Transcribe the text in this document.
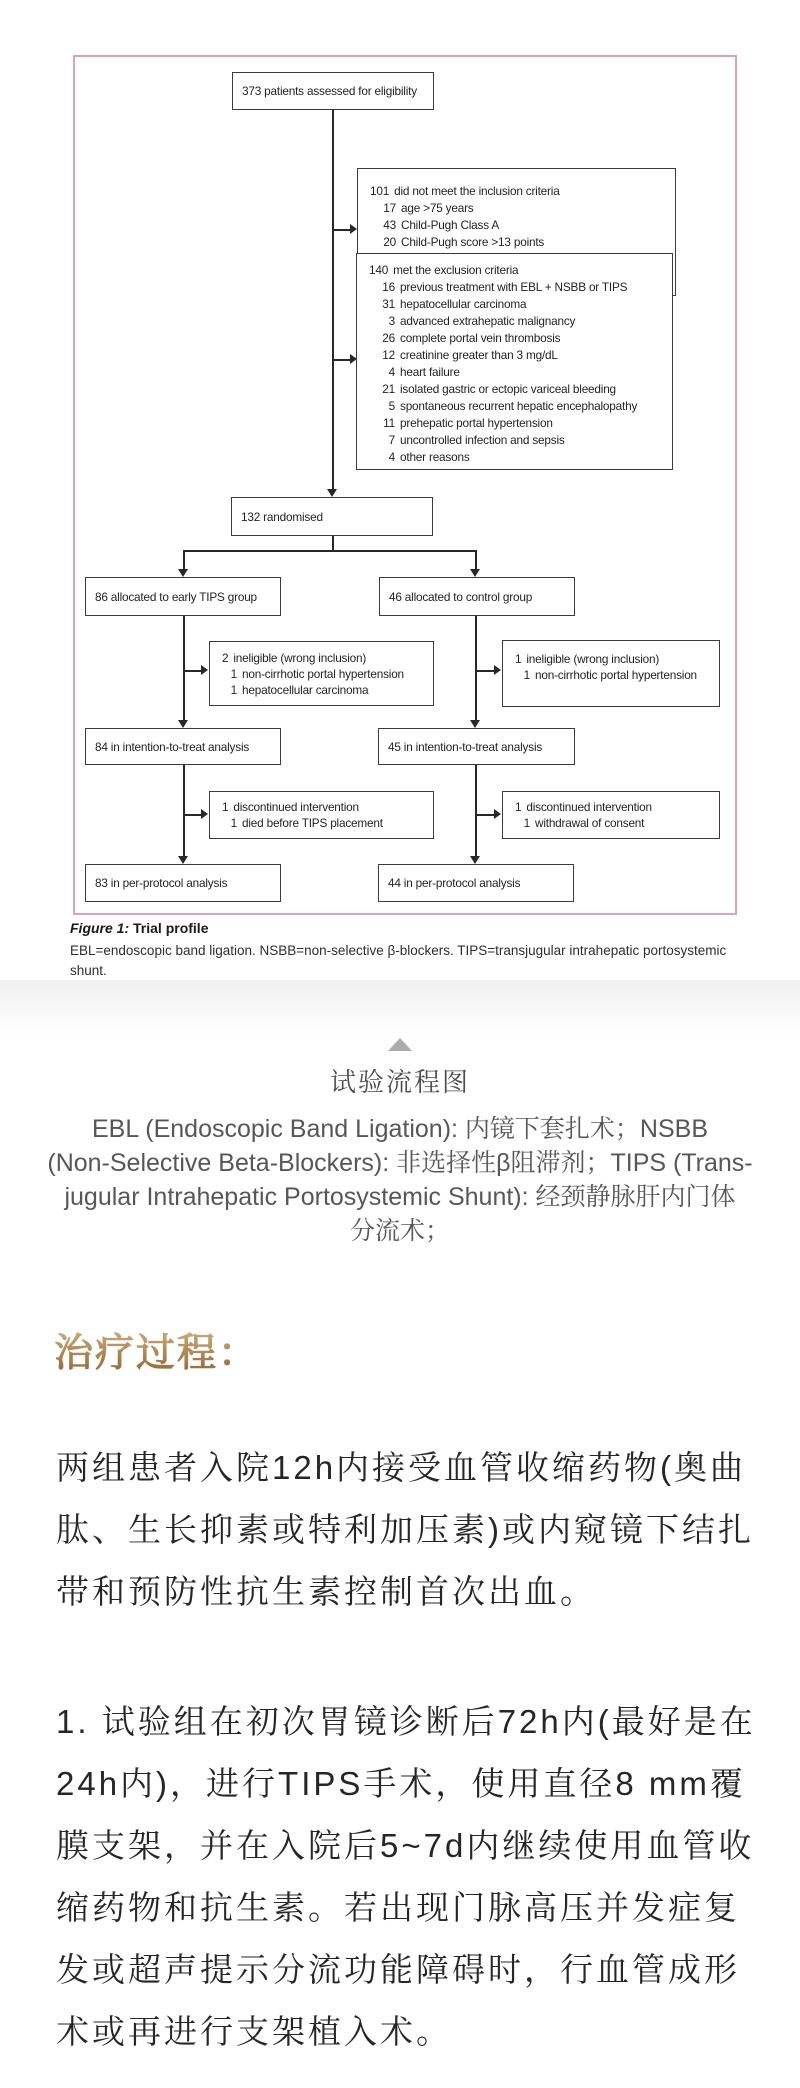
373 patients assessed for eligibility
101 did not meet the inclusion criteria
17 age >75 years
43 Child-Pugh Class A
20 Child-Pugh score >13 points
140 met the exclusion criteria
16 previous treatment with EBL + NSBB or TIPS
31 hepatocellular carcinoma
3 advanced extrahepatic malignancy
26 complete portal vein thrombosis
12 creatinine greater than 3 mg/dL
4 heart failure
21 isolated gastric or ectopic variceal bleeding
5 spontaneous recurrent hepatic encephalopathy
11 prehepatic portal hypertension
7 uncontrolled infection and sepsis
4 other reasons
132 randomised
86 allocated to early TIPS group	46 allocated to control group
2 ineligible (wrong inclusion)
1 non-cirrhotic portal hypertension
1 hepatocellular carcinoma
1 ineligible (wrong inclusion)
1 non-cirrhotic portal hypertension
84 in intention-to-treat analysis	45 in intention-to-treat analysis
1 discontinued intervention
1 died before TIPS placement
1 discontinued intervention
1 withdrawal of consent
83 in per-protocol analysis	44 in per-protocol analysis
Figure 1: Trial profile
EBL=endoscopic band ligation. NSBB=non-selective β-blockers. TIPS=transjugular intrahepatic portosystemic
shunt.
试验流程图
EBL (Endoscopic Band Ligation): 内镜下套扎术；NSBB
(Non-Selective Beta-Blockers): 非选择性β阻滞剂；TIPS (Trans-
jugular Intrahepatic Portosystemic Shunt): 经颈静脉肝内门体
分流术；
治疗过程：
两组患者入院12h内接受血管收缩药物(奥曲
肽、生长抑素或特利加压素)或内窥镜下结扎
带和预防性抗生素控制首次出血。
1. 试验组在初次胃镜诊断后72h内(最好是在
24h内)，进行TIPS手术，使用直径8 mm覆
膜支架，并在入院后5~7d内继续使用血管收
缩药物和抗生素。若出现门脉高压并发症复
发或超声提示分流功能障碍时，行血管成形
术或再进行支架植入术。
